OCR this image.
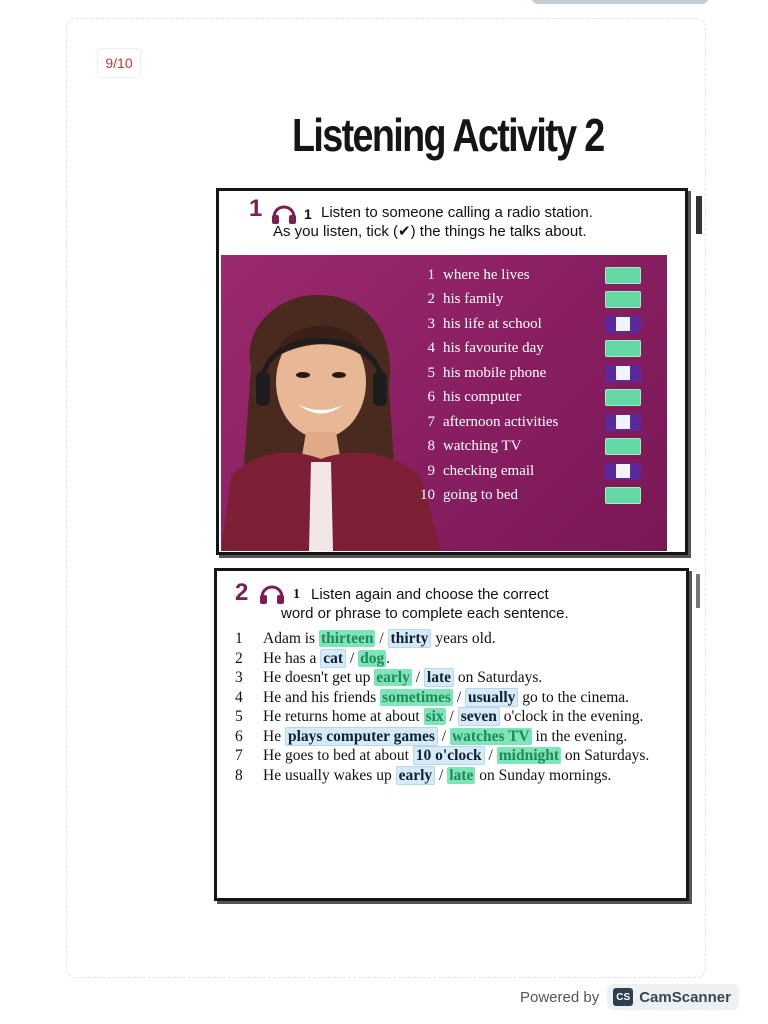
9/10
Listening Activity 2
1	1 Listen to someone calling a radio station.
As you listen, tick (✔) the things he talks about.
1 where he lives
2 his family
3 his life at school
4 his favourite day
5 his mobile phone
6 his computer
7 afternoon activities
8 watching TV
9 checking email
10 going to bed
2	1 Listen again and choose the correct
word or phrase to complete each sentence.
1	Adam is thirteen / thirty years old.
2	He has a cat / dog .
3	He doesn't get up early / late on Saturdays.
4	He and his friends sometimes / usually go to the cinema.
5	He returns home at about six / seven o'clock in the evening.
6	He plays computer games / watches TV in the evening.
7	He goes to bed at about 10 o'clock / midnight on Saturdays.
8	He usually wakes up early / late on Sunday mornings.
Powered by	CS CamScanner
